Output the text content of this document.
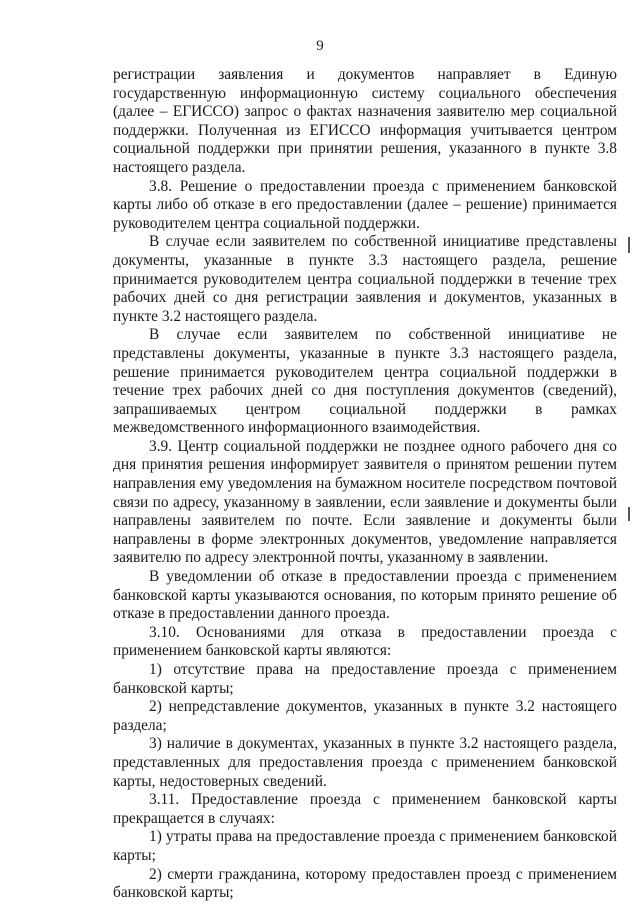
9

регистрации заявления и документов направляет в Единую государственную информационную систему социального обеспечения (далее – ЕГИССО) запрос о фактах назначения заявителю мер социальной поддержки. Полученная из ЕГИССО информация учитывается центром социальной поддержки при принятии решения, указанного в пункте 3.8 настоящего раздела.

3.8. Решение о предоставлении проезда с применением банковской карты либо об отказе в его предоставлении (далее – решение) принимается руководителем центра социальной поддержки.

В случае если заявителем по собственной инициативе представлены документы, указанные в пункте 3.3 настоящего раздела, решение принимается руководителем центра социальной поддержки в течение трех рабочих дней со дня регистрации заявления и документов, указанных в пункте 3.2 настоящего раздела.

В случае если заявителем по собственной инициативе не представлены документы, указанные в пункте 3.3 настоящего раздела, решение принимается руководителем центра социальной поддержки в течение трех рабочих дней со дня поступления документов (сведений), запрашиваемых центром социальной поддержки в рамках межведомственного информационного взаимодействия.

3.9. Центр социальной поддержки не позднее одного рабочего дня со дня принятия решения информирует заявителя о принятом решении путем направления ему уведомления на бумажном носителе посредством почтовой связи по адресу, указанному в заявлении, если заявление и документы были направлены заявителем по почте. Если заявление и документы были направлены в форме электронных документов, уведомление направляется заявителю по адресу электронной почты, указанному в заявлении.

В уведомлении об отказе в предоставлении проезда с применением банковской карты указываются основания, по которым принято решение об отказе в предоставлении данного проезда.

3.10. Основаниями для отказа в предоставлении проезда с применением банковской карты являются:

1) отсутствие права на предоставление проезда с применением банковской карты;

2) непредставление документов, указанных в пункте 3.2 настоящего раздела;

3) наличие в документах, указанных в пункте 3.2 настоящего раздела, представленных для предоставления проезда с применением банковской карты, недостоверных сведений.

3.11. Предоставление проезда с применением банковской карты прекращается в случаях:

1) утраты права на предоставление проезда с применением банковской карты;

2) смерти гражданина, которому предоставлен проезд с применением банковской карты;
